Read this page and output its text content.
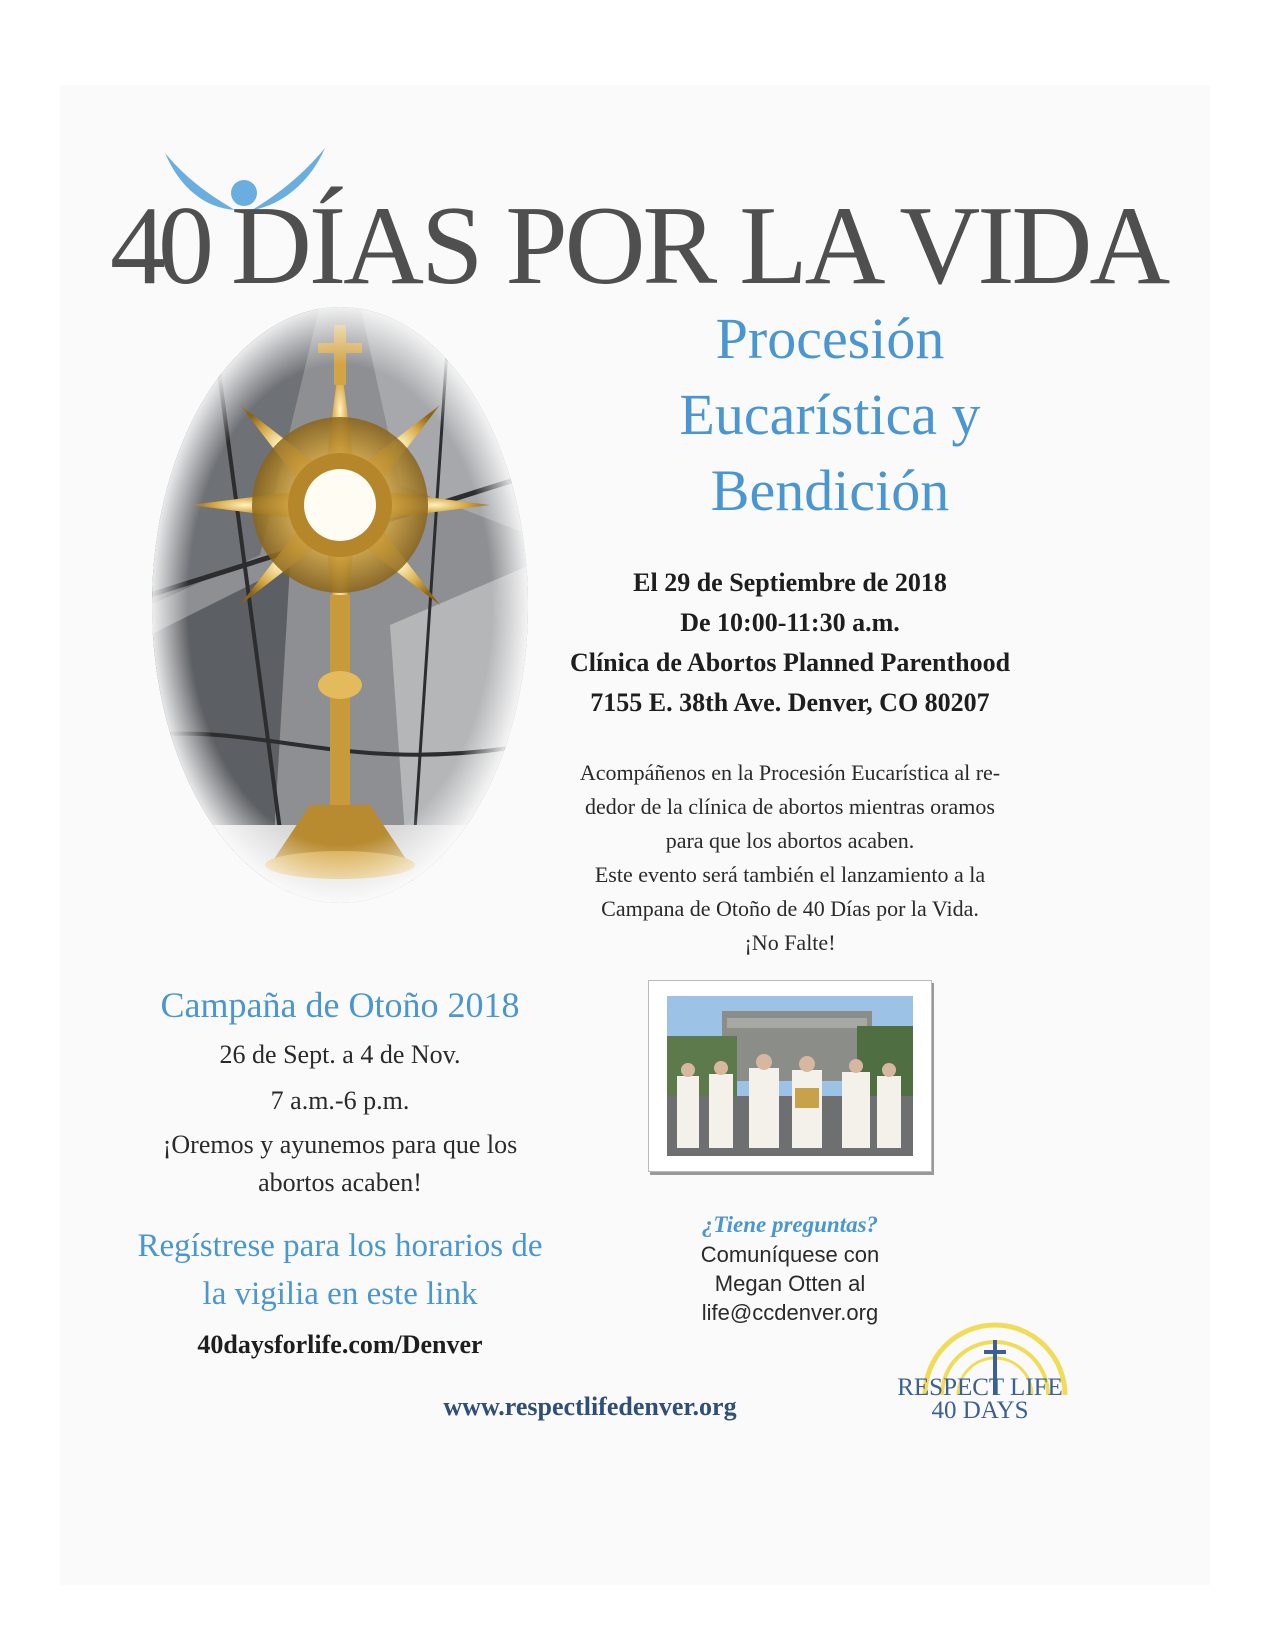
40 DÍAS POR LA VIDA
Procesión
Eucarística y
Bendición
El 29 de Septiembre de 2018
De 10:00-11:30 a.m.
Clínica de Abortos Planned Parenthood
7155 E. 38th Ave. Denver, CO 80207
Acompáñenos en la Procesión Eucarística al re-
dedor de la clínica de abortos mientras oramos
para que los abortos acaben.
Este evento será también el lanzamiento a la
Campana de Otoño de 40 Días por la Vida.
¡No Falte!
Campaña de Otoño 2018
26 de Sept. a 4 de Nov.
7 a.m.-6 p.m.
¡Oremos y ayunemos para que los
abortos acaben!
Regístrese para los horarios de
la vigilia en este link
40daysforlife.com/Denver
¿Tiene preguntas?
Comuníquese con
Megan Otten al
life@ccdenver.org
RESPECT LIFE
40 DAYS
www.respectlifedenver.org
